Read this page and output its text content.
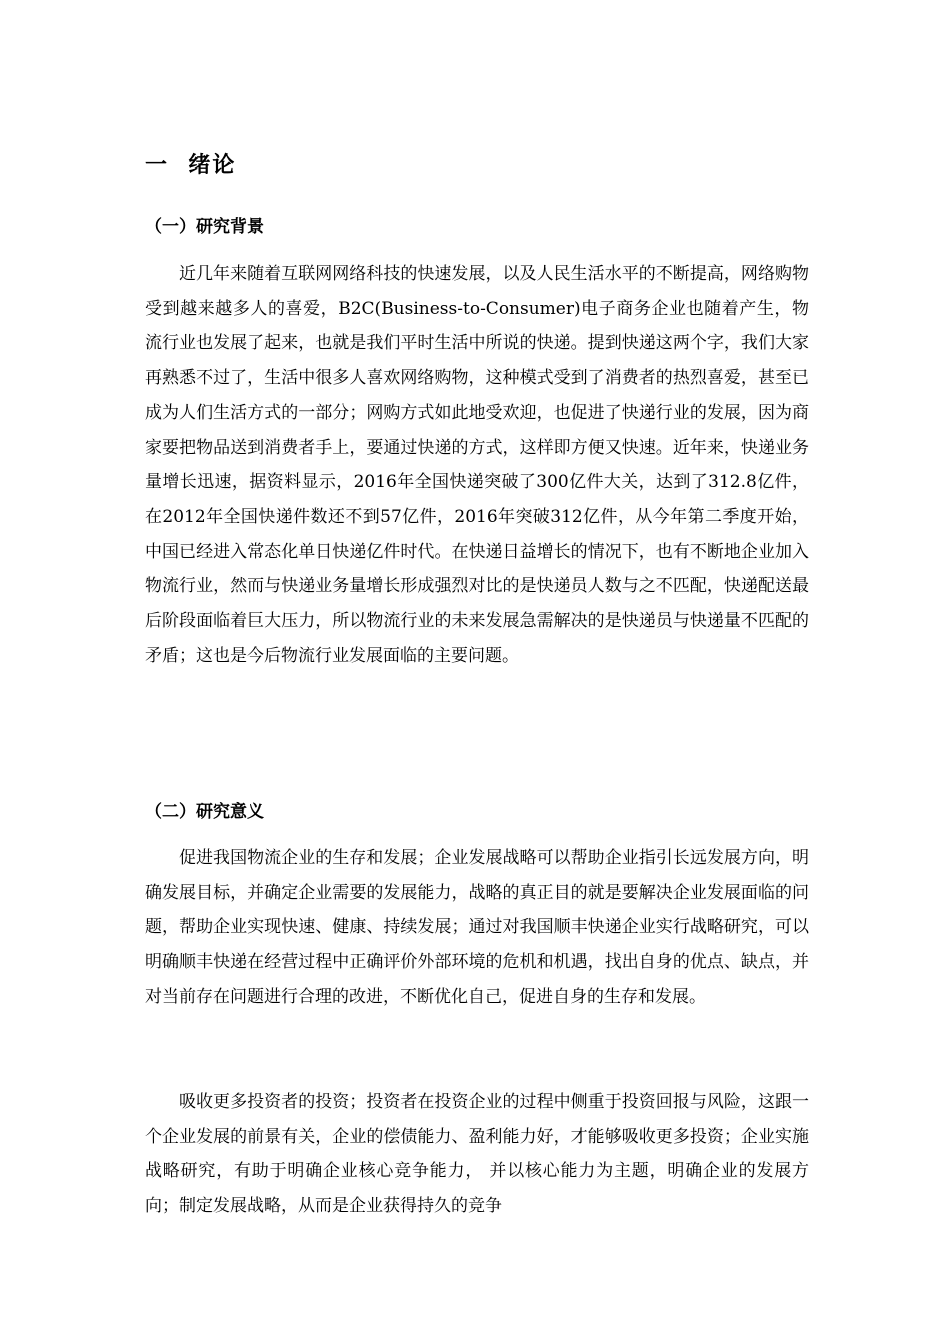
一  绪论
（一）研究背景

近几年来随着互联网网络科技的快速发展，以及人民生活水平的不断提高，网络购物受到越来越多人的喜爱，B2C(Business-to-Consumer)电子商务企业也随着产生，物流行业也发展了起来，也就是我们平时生活中所说的快递。提到快递这两个字，我们大家再熟悉不过了，生活中很多人喜欢网络购物，这种模式受到了消费者的热烈喜爱，甚至已成为人们生活方式的一部分；网购方式如此地受欢迎，也促进了快递行业的发展，因为商家要把物品送到消费者手上，要通过快递的方式，这样即方便又快速。近年来，快递业务量增长迅速，据资料显示，2016年全国快递突破了300亿件大关，达到了312.8亿件，在2012年全国快递件数还不到57亿件，2016年突破312亿件，从今年第二季度开始，中国已经进入常态化单日快递亿件时代。在快递日益增长的情况下，也有不断地企业加入物流行业，然而与快递业务量增长形成强烈对比的是快递员人数与之不匹配，快递配送最后阶段面临着巨大压力，所以物流行业的未来发展急需解决的是快递员与快递量不匹配的矛盾；这也是今后物流行业发展面临的主要问题。

（二）研究意义

促进我国物流企业的生存和发展；企业发展战略可以帮助企业指引长远发展方向，明确发展目标，并确定企业需要的发展能力，战略的真正目的就是要解决企业发展面临的问题，帮助企业实现快速、健康、持续发展；通过对我国顺丰快递企业实行战略研究，可以明确顺丰快递在经营过程中正确评价外部环境的危机和机遇，找出自身的优点、缺点，并对当前存在问题进行合理的改进，不断优化自己，促进自身的生存和发展。

吸收更多投资者的投资；投资者在投资企业的过程中侧重于投资回报与风险，这跟一个企业发展的前景有关，企业的偿债能力、盈利能力好，才能够吸收更多投资；企业实施战略研究，有助于明确企业核心竞争能力， 并以核心能力为主题，明确企业的发展方向；制定发展战略，从而是企业获得持久的竞争
